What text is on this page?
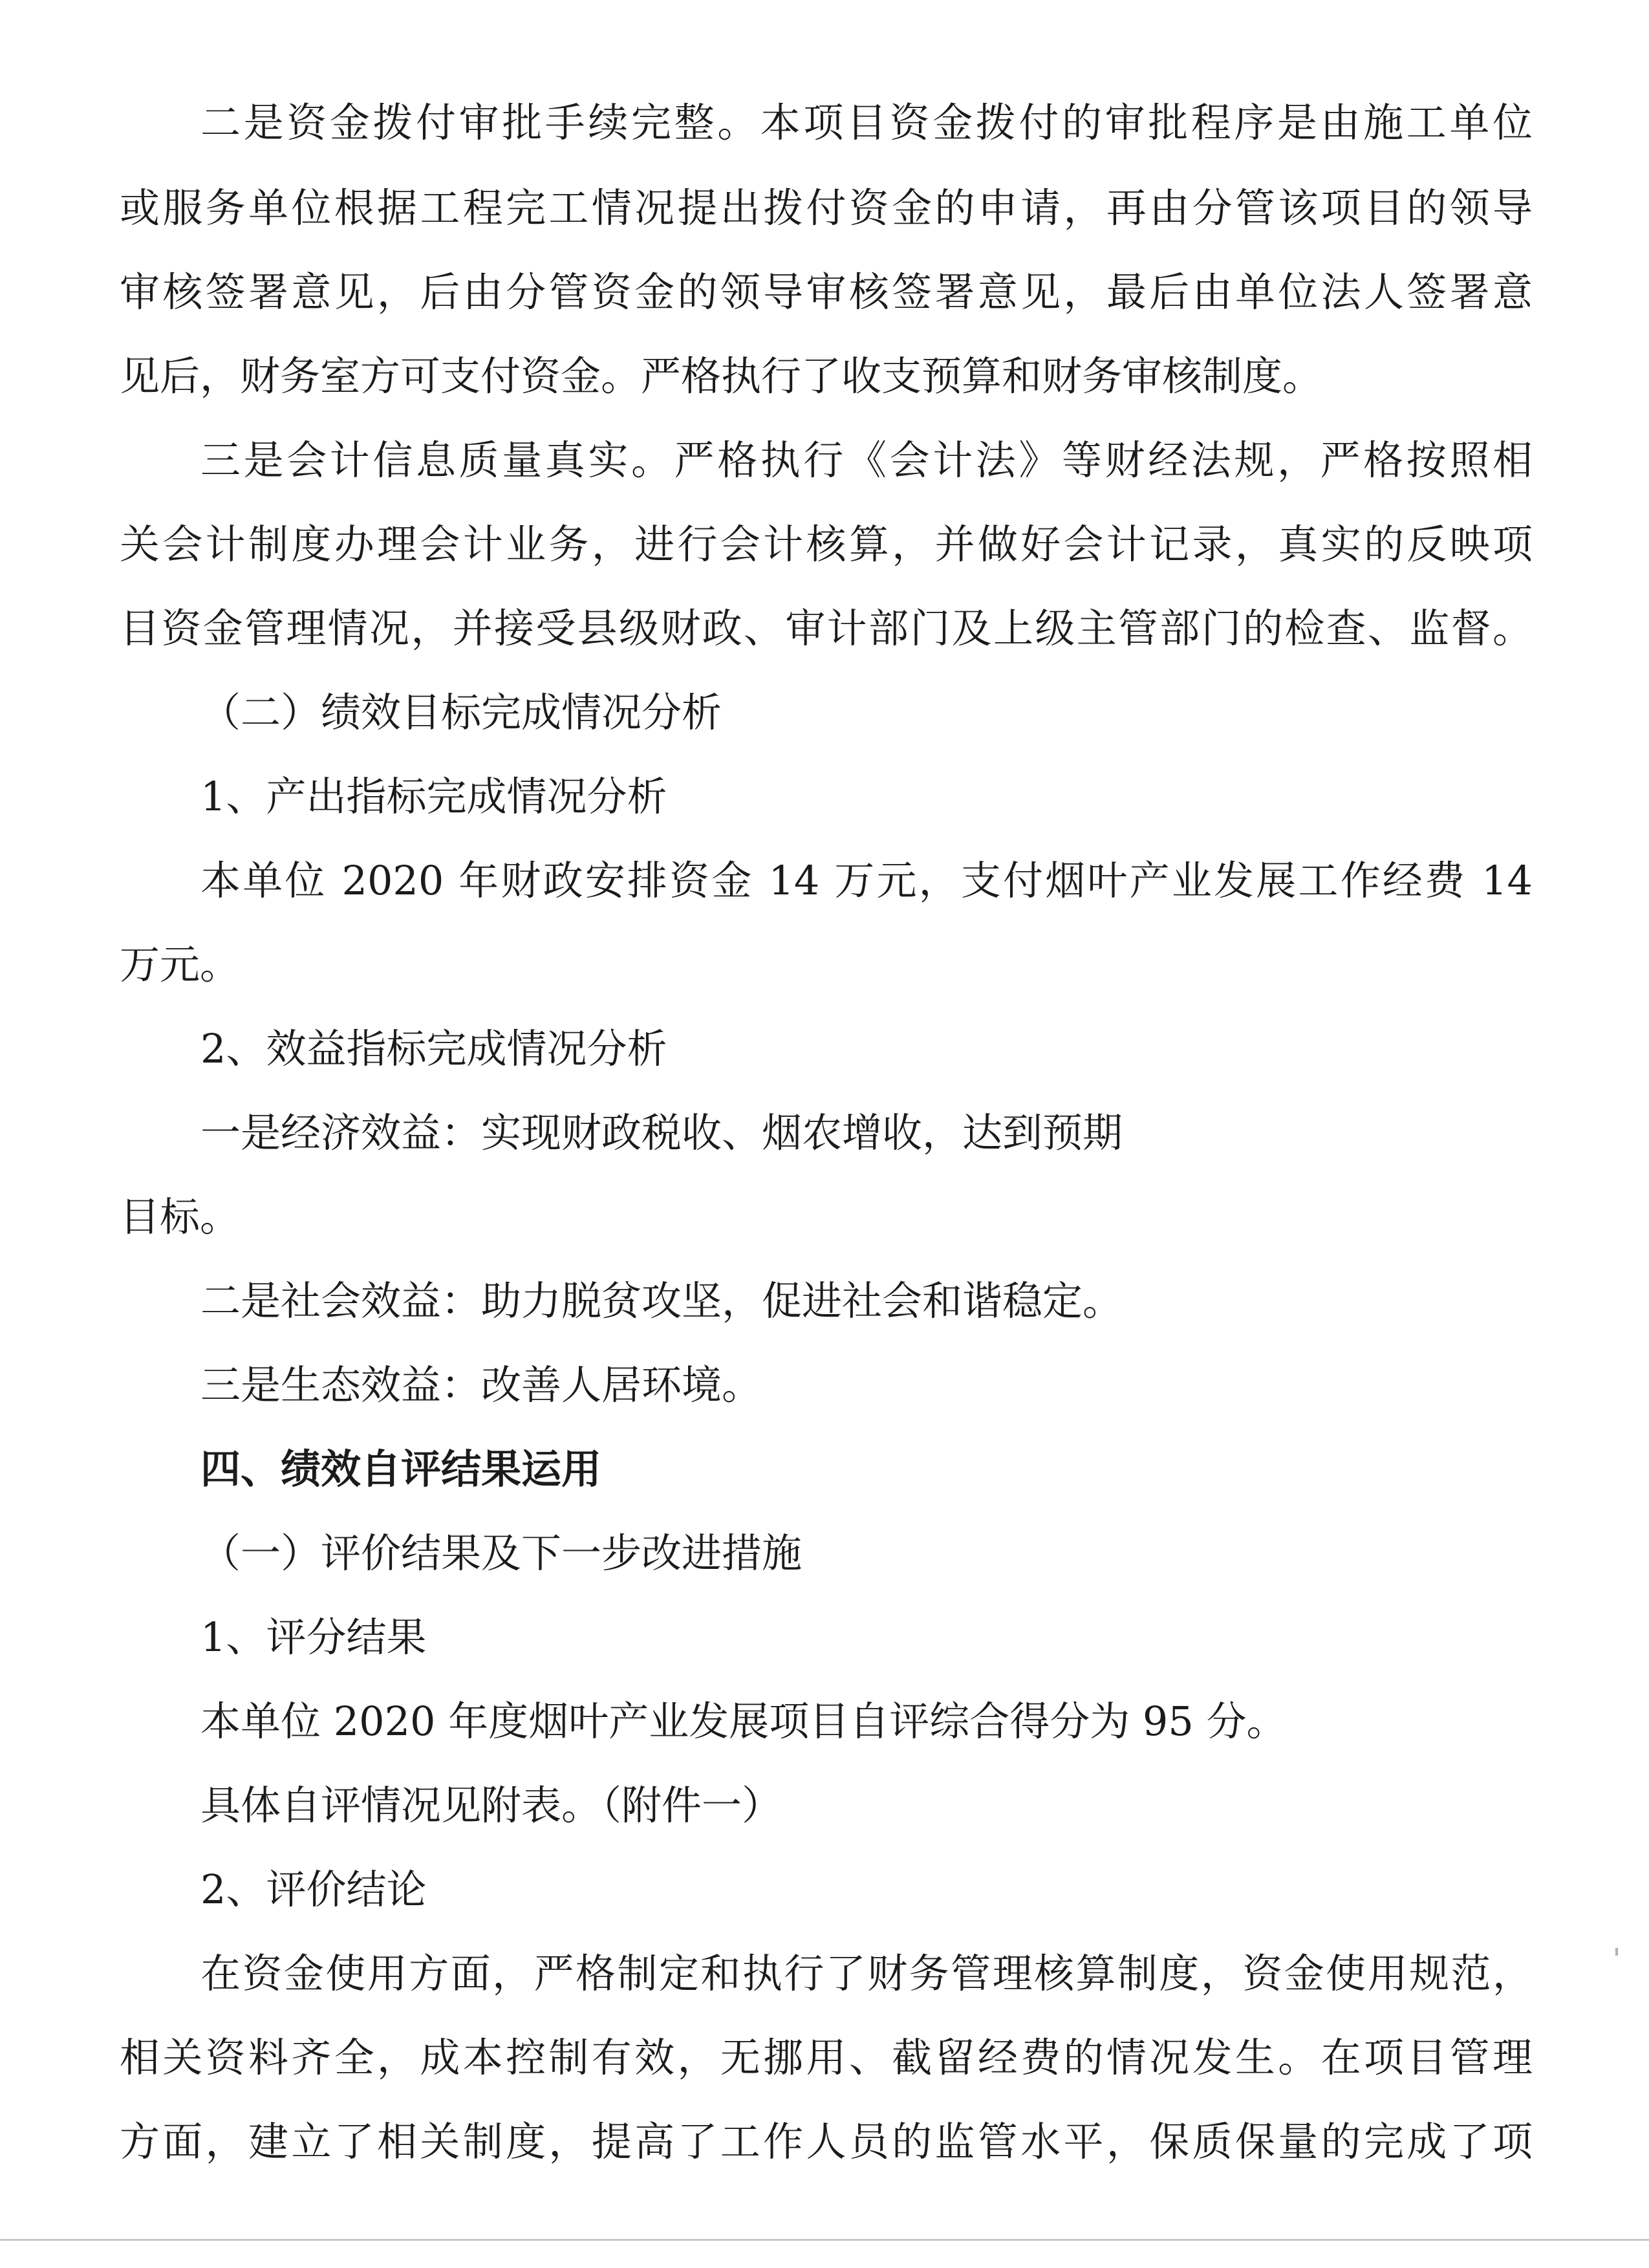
二是资金拨付审批手续完整。本项目资金拨付的审批程序是由施工单位
或服务单位根据工程完工情况提出拨付资金的申请，再由分管该项目的领导
审核签署意见，后由分管资金的领导审核签署意见，最后由单位法人签署意
见后，财务室方可支付资金。严格执行了收支预算和财务审核制度。
三是会计信息质量真实。严格执行《会计法》等财经法规，严格按照相
关会计制度办理会计业务，进行会计核算，并做好会计记录，真实的反映项
目资金管理情况，并接受县级财政、审计部门及上级主管部门的检查、监督。
（二）绩效目标完成情况分析
1、产出指标完成情况分析
本单位 2020 年财政安排资金 14 万元，支付烟叶产业发展工作经费 14
万元。
2、效益指标完成情况分析
一是经济效益：实现财政税收、烟农增收，达到预期
目标。
二是社会效益：助力脱贫攻坚，促进社会和谐稳定。
三是生态效益：改善人居环境。
四、绩效自评结果运用
（一）评价结果及下一步改进措施
1、评分结果
本单位 2020 年度烟叶产业发展项目自评综合得分为 95 分。
具体自评情况见附表。（附件一）
2、评价结论
在资金使用方面，严格制定和执行了财务管理核算制度，资金使用规范，
相关资料齐全，成本控制有效，无挪用、截留经费的情况发生。在项目管理
方面，建立了相关制度，提高了工作人员的监管水平，保质保量的完成了项
